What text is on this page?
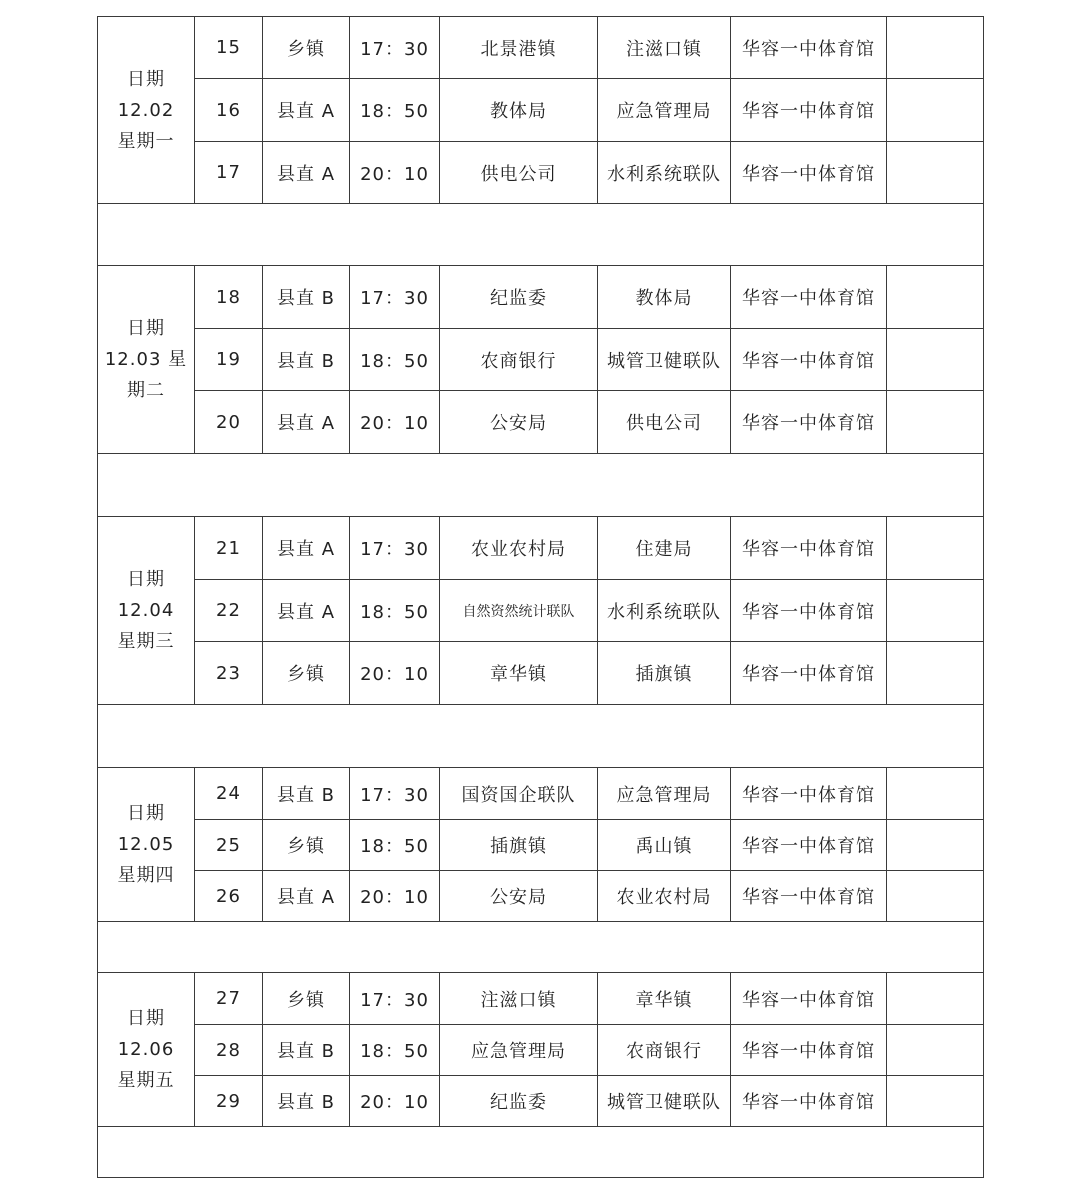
日期
12.02
星期一	15	乡镇	17：30	北景港镇	注滋口镇	华容一中体育馆	
	16	县直 A	18：50	教体局	应急管理局	华容一中体育馆	
	17	县直 A	20：10	供电公司	水利系统联队	华容一中体育馆	

日期
12.03 星
期二	18	县直 B	17：30	纪监委	教体局	华容一中体育馆	
	19	县直 B	18：50	农商银行	城管卫健联队	华容一中体育馆	
	20	县直 A	20：10	公安局	供电公司	华容一中体育馆	

日期
12.04
星期三	21	县直 A	17：30	农业农村局	住建局	华容一中体育馆	
	22	县直 A	18：50	自然资然统计联队	水利系统联队	华容一中体育馆	
	23	乡镇	20：10	章华镇	插旗镇	华容一中体育馆	

日期
12.05
星期四	24	县直 B	17：30	国资国企联队	应急管理局	华容一中体育馆	
	25	乡镇	18：50	插旗镇	禹山镇	华容一中体育馆	
	26	县直 A	20：10	公安局	农业农村局	华容一中体育馆	

日期
12.06
星期五	27	乡镇	17：30	注滋口镇	章华镇	华容一中体育馆	
	28	县直 B	18：50	应急管理局	农商银行	华容一中体育馆	
	29	县直 B	20：10	纪监委	城管卫健联队	华容一中体育馆	
